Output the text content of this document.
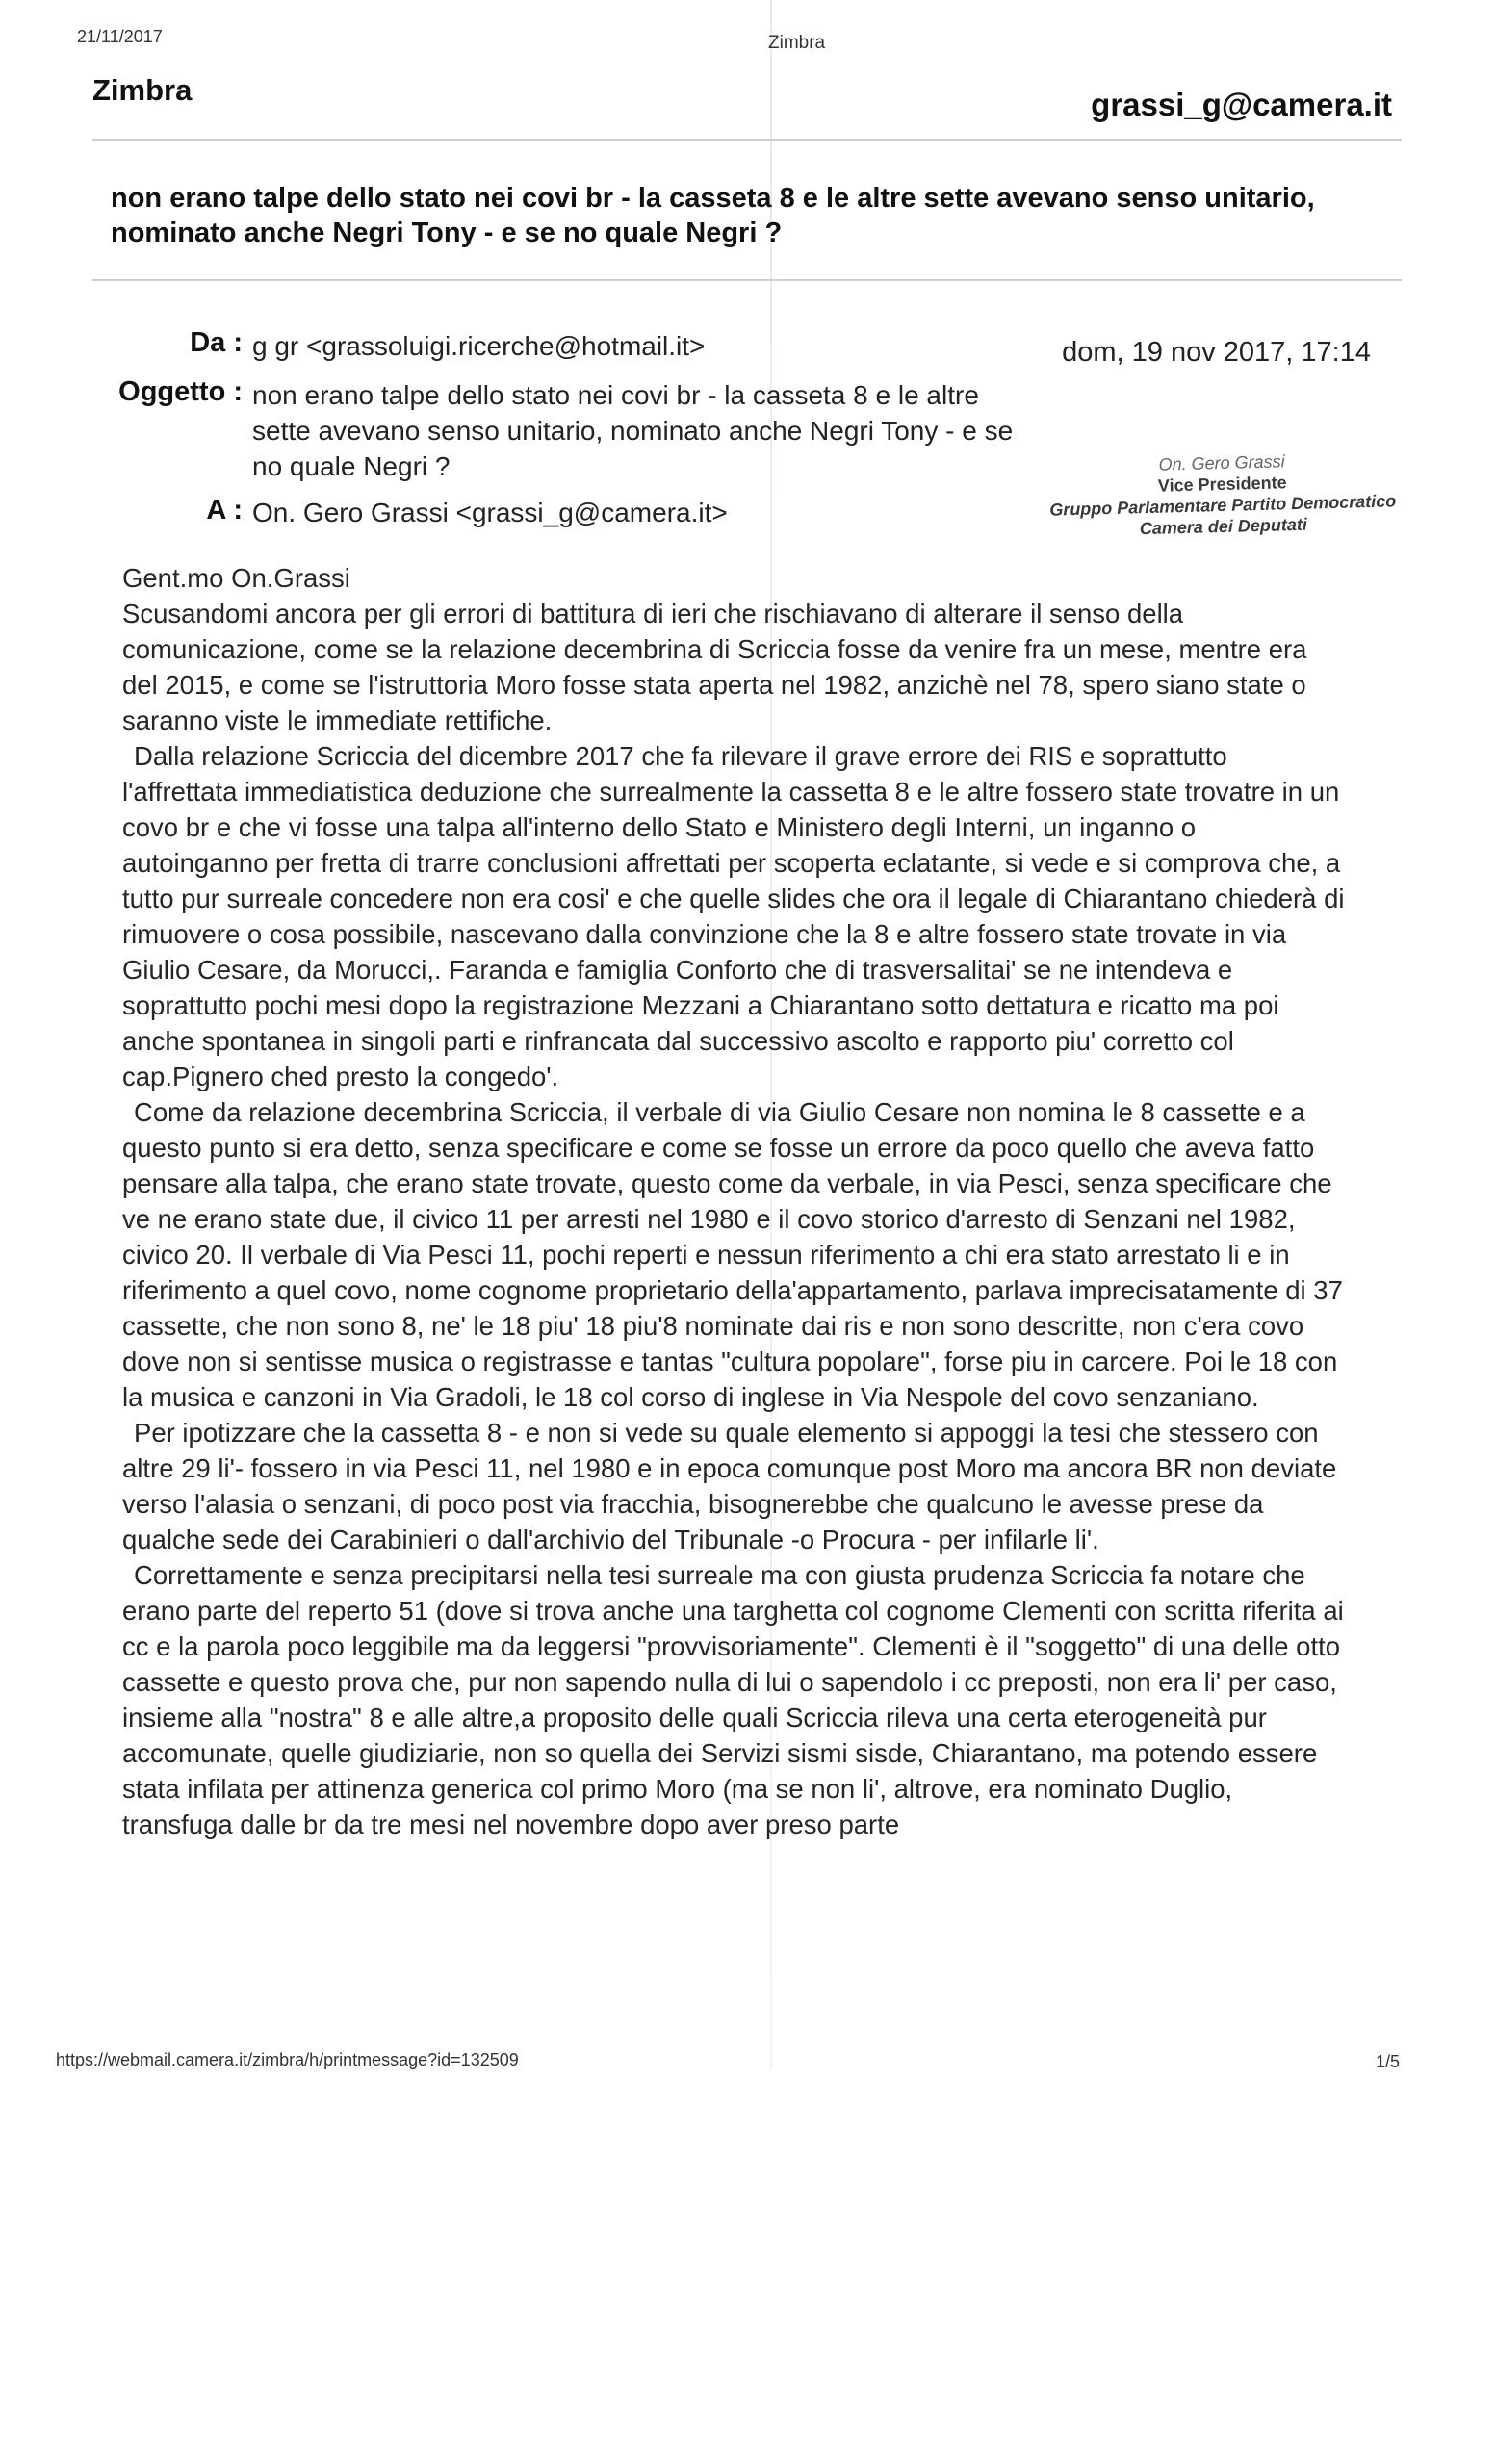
21/11/2017	Zimbra
Zimbra	grassi_g@camera.it
non erano talpe dello stato nei covi br - la casseta 8 e le altre sette avevano senso unitario, nominato anche Negri Tony - e se no quale Negri ?
Da : g gr <grassoluigi.ricerche@hotmail.it>	dom, 19 nov 2017, 17:14
Oggetto : non erano talpe dello stato nei covi br - la casseta 8 e le altre sette avevano senso unitario, nominato anche Negri Tony - e se no quale Negri ?
A : On. Gero Grassi <grassi_g@camera.it>
On. Gero Grassi
Vice Presidente
Gruppo Parlamentare Partito Democratico
Camera dei Deputati

Gent.mo On.Grassi

Scusandomi ancora per gli errori di battitura di ieri che rischiavano di alterare il senso della comunicazione, come se la relazione decembrina di Scriccia fosse da venire fra un mese, mentre era del 2015, e come se l'istruttoria Moro fosse stata aperta nel 1982, anzichè nel 78, spero siano state o saranno viste le immediate rettifiche.

Dalla relazione Scriccia del dicembre 2017 che fa rilevare il grave errore dei RIS e soprattutto l'affrettata immediatistica deduzione che surrealmente la cassetta 8 e le altre fossero state trovatre in un covo br e che vi fosse una talpa all'interno dello Stato e Ministero degli Interni, un inganno o autoinganno per fretta di trarre conclusioni affrettati per scoperta eclatante, si vede e si comprova che, a tutto pur surreale concedere non era cosi' e che quelle slides che ora il legale di Chiarantano chiederà di rimuovere o cosa possibile, nascevano dalla convinzione che la 8 e altre fossero state trovate in via Giulio Cesare, da Morucci,. Faranda e famiglia Conforto che di trasversalitai' se ne intendeva e soprattutto pochi mesi dopo la registrazione Mezzani a Chiarantano sotto dettatura e ricatto ma poi anche spontanea in singoli parti e rinfrancata dal successivo ascolto e rapporto piu' corretto col cap.Pignero ched presto la congedo'.

Come da relazione decembrina Scriccia, il verbale di via Giulio Cesare non nomina le 8 cassette e a questo punto si era detto, senza specificare e come se fosse un errore da poco quello che aveva fatto pensare alla talpa, che erano state trovate, questo come da verbale, in via Pesci, senza specificare che ve ne erano state due, il civico 11 per arresti nel 1980 e il covo storico d'arresto di Senzani nel 1982, civico 20. Il verbale di Via Pesci 11, pochi reperti e nessun riferimento a chi era stato arrestato li e in riferimento a quel covo, nome cognome proprietario della'appartamento, parlava imprecisatamente di 37 cassette, che non sono 8, ne' le 18 piu' 18 piu'8 nominate dai ris e non sono descritte, non c'era covo dove non si sentisse musica o registrasse e tantas "cultura popolare", forse piu in carcere. Poi le 18 con la musica e canzoni in Via Gradoli, le 18 col corso di inglese in Via Nespole del covo senzaniano.

Per ipotizzare che la cassetta 8 - e non si vede su quale elemento si appoggi la tesi che stessero con altre 29 li'- fossero in via Pesci 11, nel 1980 e in epoca comunque post Moro ma ancora BR non deviate verso l'alasia o senzani, di poco post via fracchia, bisognerebbe che qualcuno le avesse prese da qualche sede dei Carabinieri o dall'archivio del Tribunale -o Procura - per infilarle li'.

Correttamente e senza precipitarsi nella tesi surreale ma con giusta prudenza Scriccia fa notare che erano parte del reperto 51 (dove si trova anche una targhetta col cognome Clementi con scritta riferita ai cc e la parola poco leggibile ma da leggersi "provvisoriamente". Clementi è il "soggetto" di una delle otto cassette e questo prova che, pur non sapendo nulla di lui o sapendolo i cc preposti, non era li' per caso, insieme alla "nostra" 8 e alle altre,a proposito delle quali Scriccia rileva una certa eterogeneità pur accomunate, quelle giudiziarie, non so quella dei Servizi sismi sisde, Chiarantano, ma potendo essere stata infilata per attinenza generica col primo Moro (ma se non li', altrove, era nominato Duglio, transfuga dalle br da tre mesi nel novembre dopo aver preso parte

https://webmail.camera.it/zimbra/h/printmessage?id=132509	1/5
